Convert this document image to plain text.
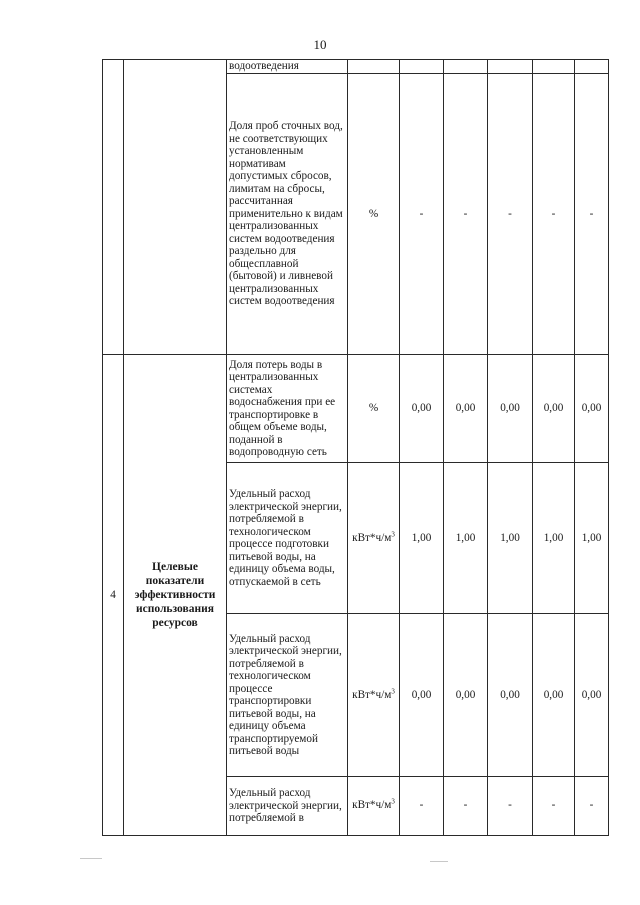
10
		водоотведения						
		Доля проб сточных вод, не соответствующих установленным нормативам допустимых сбросов, лимитам на сбросы, рассчитанная применительно к видам централизованных систем водоотведения раздельно для общесплавной (бытовой) и ливневой централизованных систем водоотведения	%	-	-	-	-	-
4	Целевые показатели эффективности использования ресурсов	Доля потерь воды в централизованных системах водоснабжения при ее транспортировке в общем объеме воды, поданной в водопроводную сеть	%	0,00	0,00	0,00	0,00	0,00
		Удельный расход электрической энергии, потребляемой в технологическом процессе подготовки питьевой воды, на единицу объема воды, отпускаемой в сеть	$кВт*ч/м^3$	1,00	1,00	1,00	1,00	1,00
		Удельный расход электрической энергии, потребляемой в технологическом процессе транспортировки питьевой воды, на единицу объема транспортируемой питьевой воды	$кВт*ч/м^3$	0,00	0,00	0,00	0,00	0,00
		Удельный расход электрической энергии, потребляемой в	$кВт*ч/м^3$	-	-	-	-	-
